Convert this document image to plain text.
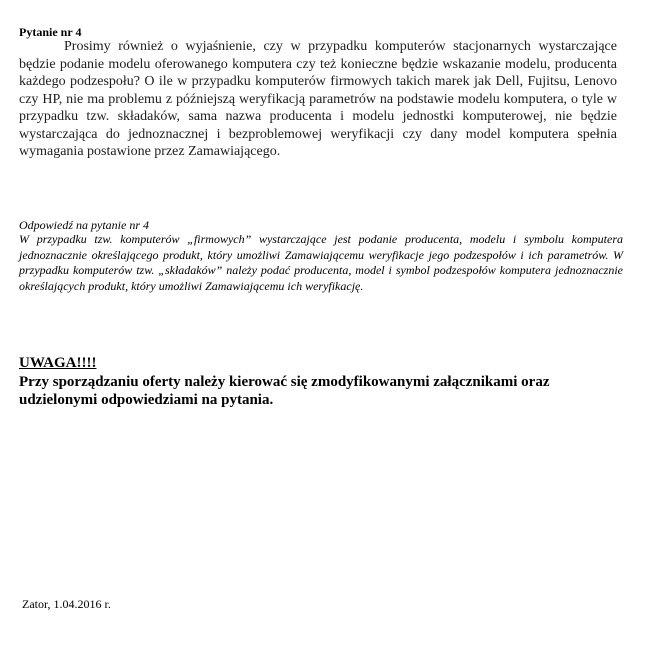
Pytanie nr 4
Prosimy również o wyjaśnienie, czy w przypadku komputerów stacjonarnych wystarczające będzie podanie modelu oferowanego komputera czy też konieczne będzie wskazanie modelu, producenta każdego podzespołu? O ile w przypadku komputerów firmowych takich marek jak Dell, Fujitsu, Lenovo czy HP, nie ma problemu z późniejszą weryfikacją parametrów na podstawie modelu komputera, o tyle w przypadku tzw. składaków, sama nazwa producenta i modelu jednostki komputerowej, nie będzie wystarczająca do jednoznacznej i bezproblemowej weryfikacji czy dany model komputera spełnia wymagania postawione przez Zamawiającego.
Odpowiedź na pytanie nr 4
W przypadku tzw. komputerów „firmowych” wystarczające jest podanie producenta, modelu i symbolu komputera jednoznacznie określającego produkt, który umożliwi Zamawiającemu weryfikacje jego podzespołów i ich parametrów. W przypadku komputerów tzw. „składaków” należy podać producenta, model i symbol podzespołów komputera jednoznacznie określających produkt, który umożliwi Zamawiającemu ich weryfikację.
UWAGA!!!!
Przy sporządzaniu oferty należy kierować się zmodyfikowanymi załącznikami oraz udzielonymi odpowiedziami na pytania.
Zator, 1.04.2016 r.
